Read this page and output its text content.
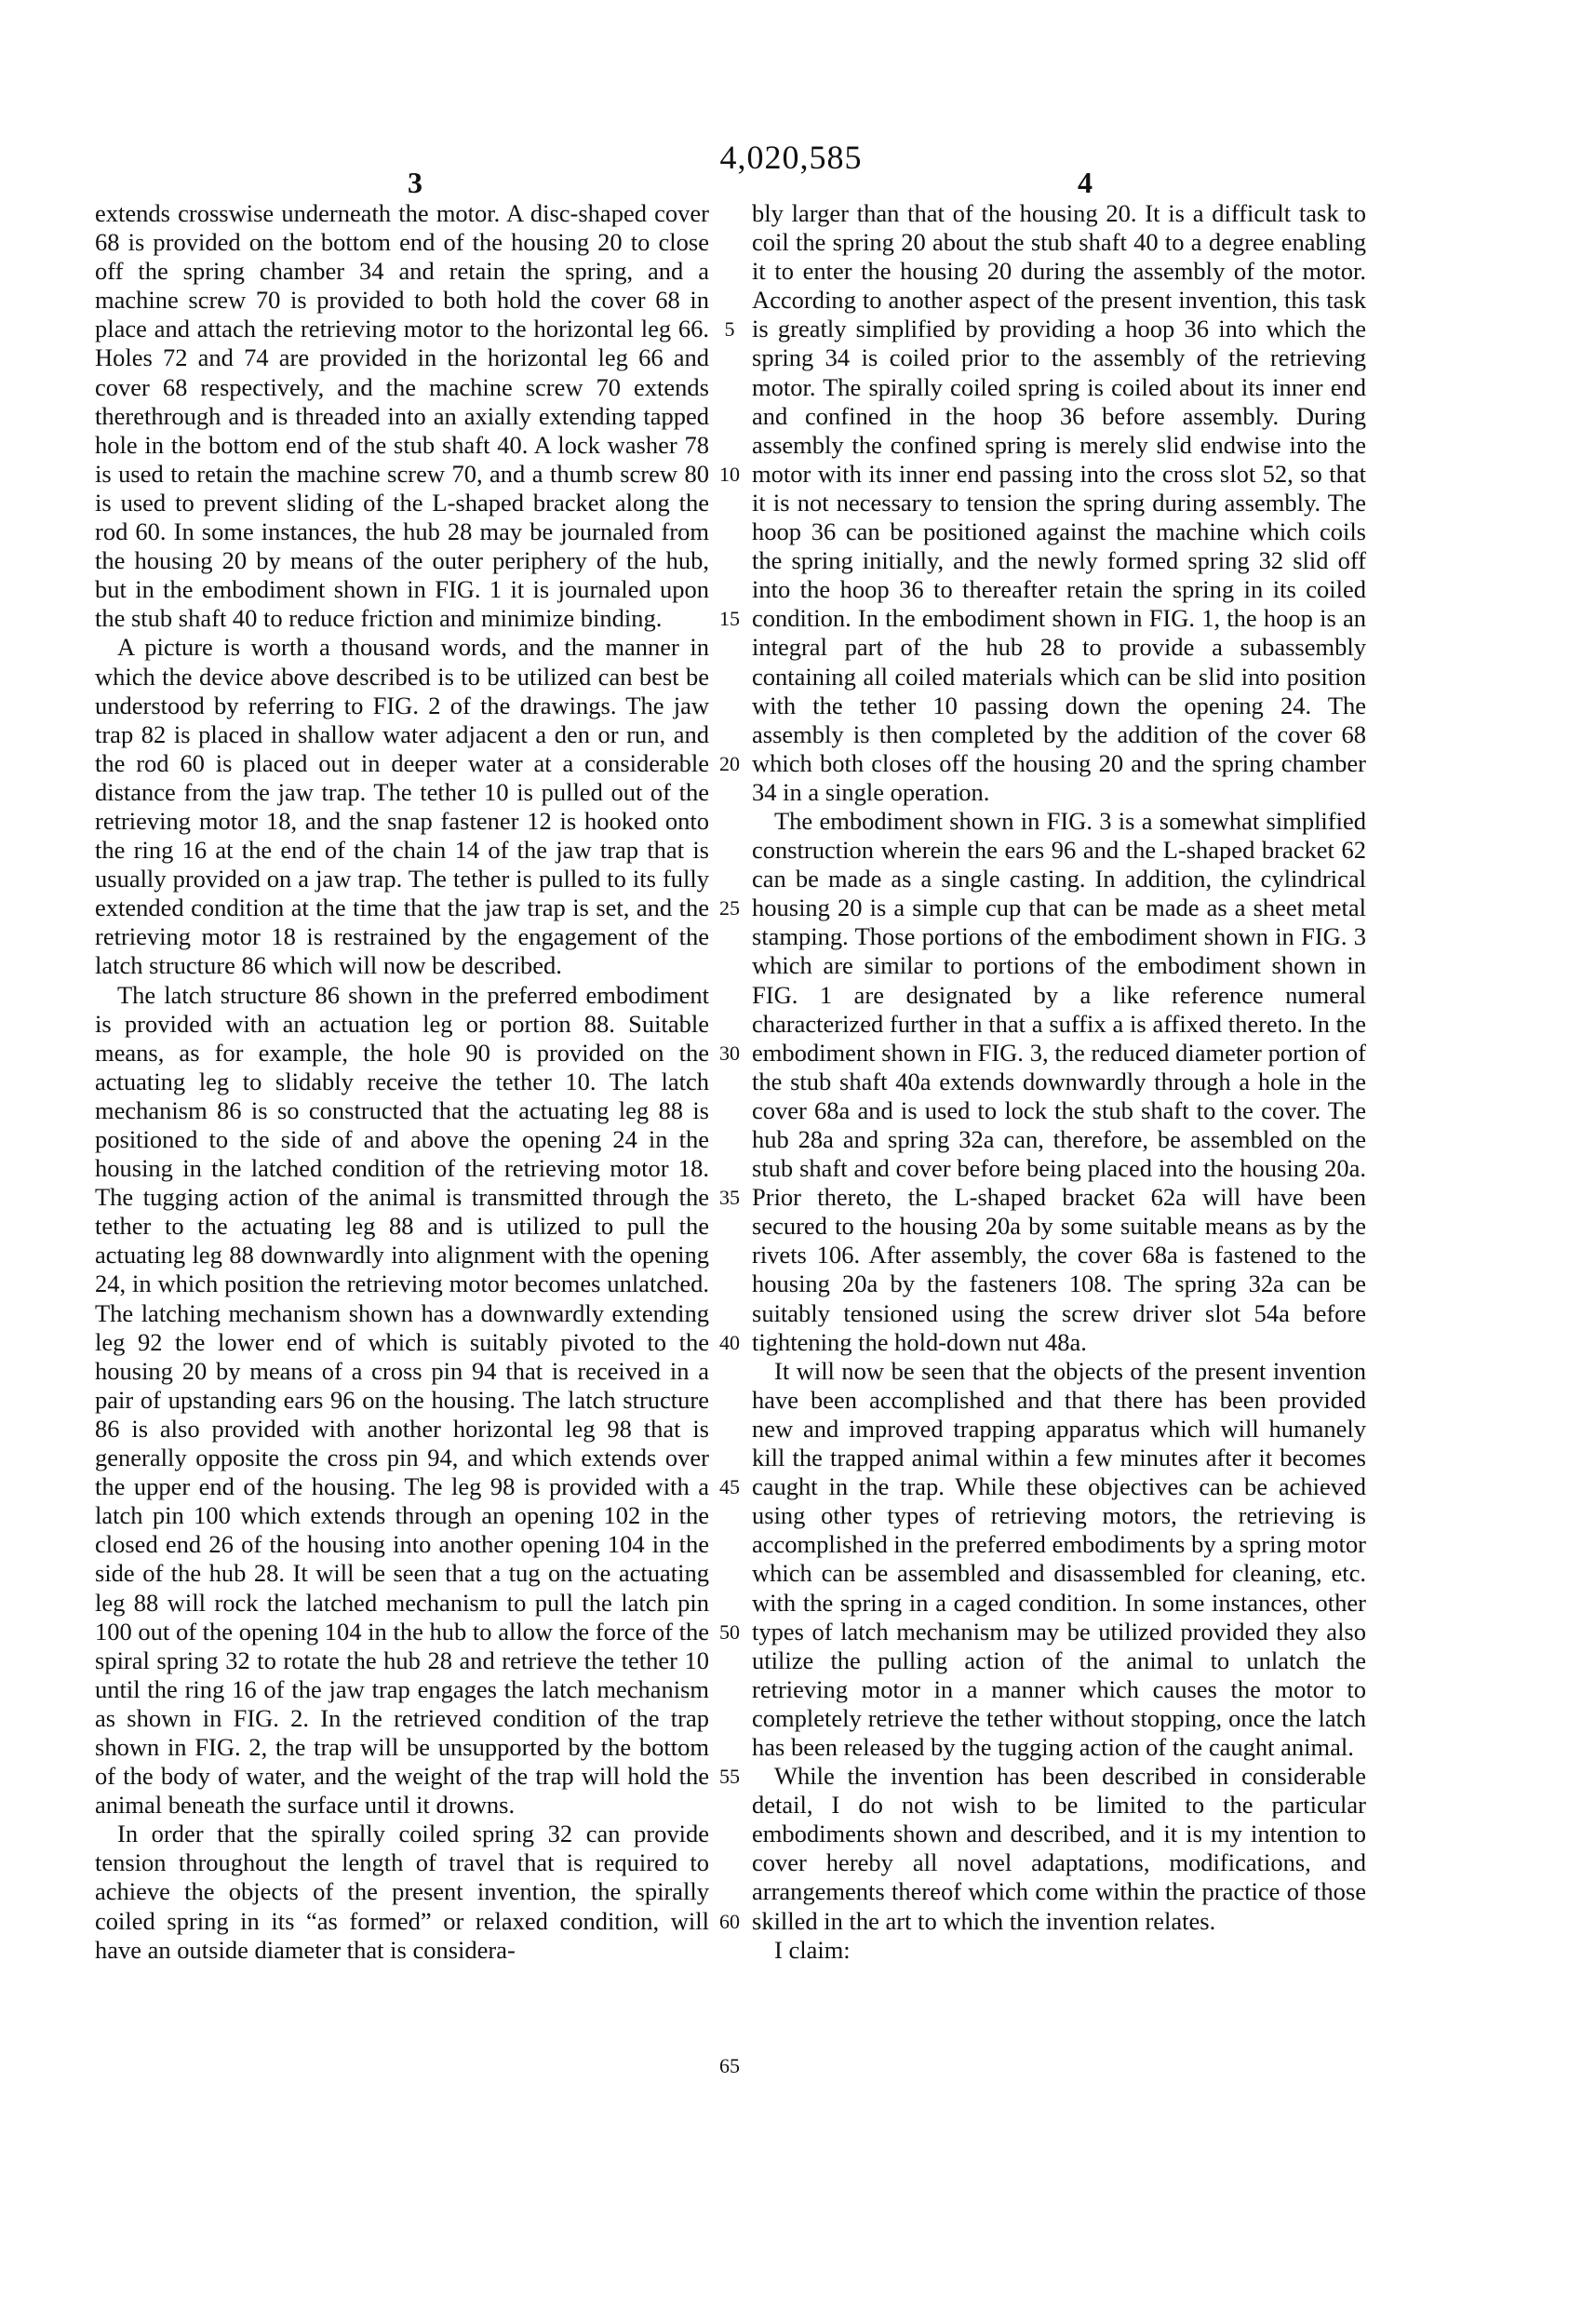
4,020,585
3	4

extends crosswise underneath the motor. A disc-shaped cover 68 is provided on the bottom end of the housing 20 to close off the spring chamber 34 and retain the spring, and a machine screw 70 is provided to both hold the cover 68 in place and attach the retrieving motor to the horizontal leg 66. Holes 72 and 74 are provided in the horizontal leg 66 and cover 68 respectively, and the machine screw 70 extends therethrough and is threaded into an axially extending tapped hole in the bottom end of the stub shaft 40. A lock washer 78 is used to retain the machine screw 70, and a thumb screw 80 is used to prevent sliding of the L-shaped bracket along the rod 60. In some instances, the hub 28 may be journaled from the housing 20 by means of the outer periphery of the hub, but in the embodiment shown in FIG. 1 it is journaled upon the stub shaft 40 to reduce friction and minimize binding.

A picture is worth a thousand words, and the manner in which the device above described is to be utilized can best be understood by referring to FIG. 2 of the drawings. The jaw trap 82 is placed in shallow water adjacent a den or run, and the rod 60 is placed out in deeper water at a considerable distance from the jaw trap. The tether 10 is pulled out of the retrieving motor 18, and the snap fastener 12 is hooked onto the ring 16 at the end of the chain 14 of the jaw trap that is usually provided on a jaw trap. The tether is pulled to its fully extended condition at the time that the jaw trap is set, and the retrieving motor 18 is restrained by the engagement of the latch structure 86 which will now be described.

The latch structure 86 shown in the preferred embodiment is provided with an actuation leg or portion 88. Suitable means, as for example, the hole 90 is provided on the actuating leg to slidably receive the tether 10. The latch mechanism 86 is so constructed that the actuating leg 88 is positioned to the side of and above the opening 24 in the housing in the latched condition of the retrieving motor 18. The tugging action of the animal is transmitted through the tether to the actuating leg 88 and is utilized to pull the actuating leg 88 downwardly into alignment with the opening 24, in which position the retrieving motor becomes unlatched. The latching mechanism shown has a downwardly extending leg 92 the lower end of which is suitably pivoted to the housing 20 by means of a cross pin 94 that is received in a pair of upstanding ears 96 on the housing. The latch structure 86 is also provided with another horizontal leg 98 that is generally opposite the cross pin 94, and which extends over the upper end of the housing. The leg 98 is provided with a latch pin 100 which extends through an opening 102 in the closed end 26 of the housing into another opening 104 in the side of the hub 28. It will be seen that a tug on the actuating leg 88 will rock the latched mechanism to pull the latch pin 100 out of the opening 104 in the hub to allow the force of the spiral spring 32 to rotate the hub 28 and retrieve the tether 10 until the ring 16 of the jaw trap engages the latch mechanism as shown in FIG. 2. In the retrieved condition of the trap shown in FIG. 2, the trap will be unsupported by the bottom of the body of water, and the weight of the trap will hold the animal beneath the surface until it drowns.

In order that the spirally coiled spring 32 can provide tension throughout the length of travel that is required to achieve the objects of the present invention, the spirally coiled spring in its “as formed” or relaxed condition, will have an outside diameter that is considera-

5
10
15
20
25
30
35
40
45
50
55
60
65

bly larger than that of the housing 20. It is a difficult task to coil the spring 20 about the stub shaft 40 to a degree enabling it to enter the housing 20 during the assembly of the motor. According to another aspect of the present invention, this task is greatly simplified by providing a hoop 36 into which the spring 34 is coiled prior to the assembly of the retrieving motor. The spirally coiled spring is coiled about its inner end and confined in the hoop 36 before assembly. During assembly the confined spring is merely slid endwise into the motor with its inner end passing into the cross slot 52, so that it is not necessary to tension the spring during assembly. The hoop 36 can be positioned against the machine which coils the spring initially, and the newly formed spring 32 slid off into the hoop 36 to thereafter retain the spring in its coiled condition. In the embodiment shown in FIG. 1, the hoop is an integral part of the hub 28 to provide a subassembly containing all coiled materials which can be slid into position with the tether 10 passing down the opening 24. The assembly is then completed by the addition of the cover 68 which both closes off the housing 20 and the spring chamber 34 in a single operation.

The embodiment shown in FIG. 3 is a somewhat simplified construction wherein the ears 96 and the L-shaped bracket 62 can be made as a single casting. In addition, the cylindrical housing 20 is a simple cup that can be made as a sheet metal stamping. Those portions of the embodiment shown in FIG. 3 which are similar to portions of the embodiment shown in FIG. 1 are designated by a like reference numeral characterized further in that a suffix a is affixed thereto. In the embodiment shown in FIG. 3, the reduced diameter portion of the stub shaft 40a extends downwardly through a hole in the cover 68a and is used to lock the stub shaft to the cover. The hub 28a and spring 32a can, therefore, be assembled on the stub shaft and cover before being placed into the housing 20a. Prior thereto, the L-shaped bracket 62a will have been secured to the housing 20a by some suitable means as by the rivets 106. After assembly, the cover 68a is fastened to the housing 20a by the fasteners 108. The spring 32a can be suitably tensioned using the screw driver slot 54a before tightening the hold-down nut 48a.

It will now be seen that the objects of the present invention have been accomplished and that there has been provided new and improved trapping apparatus which will humanely kill the trapped animal within a few minutes after it becomes caught in the trap. While these objectives can be achieved using other types of retrieving motors, the retrieving is accomplished in the preferred embodiments by a spring motor which can be assembled and disassembled for cleaning, etc. with the spring in a caged condition. In some instances, other types of latch mechanism may be utilized provided they also utilize the pulling action of the animal to unlatch the retrieving motor in a manner which causes the motor to completely retrieve the tether without stopping, once the latch has been released by the tugging action of the caught animal.

While the invention has been described in considerable detail, I do not wish to be limited to the particular embodiments shown and described, and it is my intention to cover hereby all novel adaptations, modifications, and arrangements thereof which come within the practice of those skilled in the art to which the invention relates.

I claim:
